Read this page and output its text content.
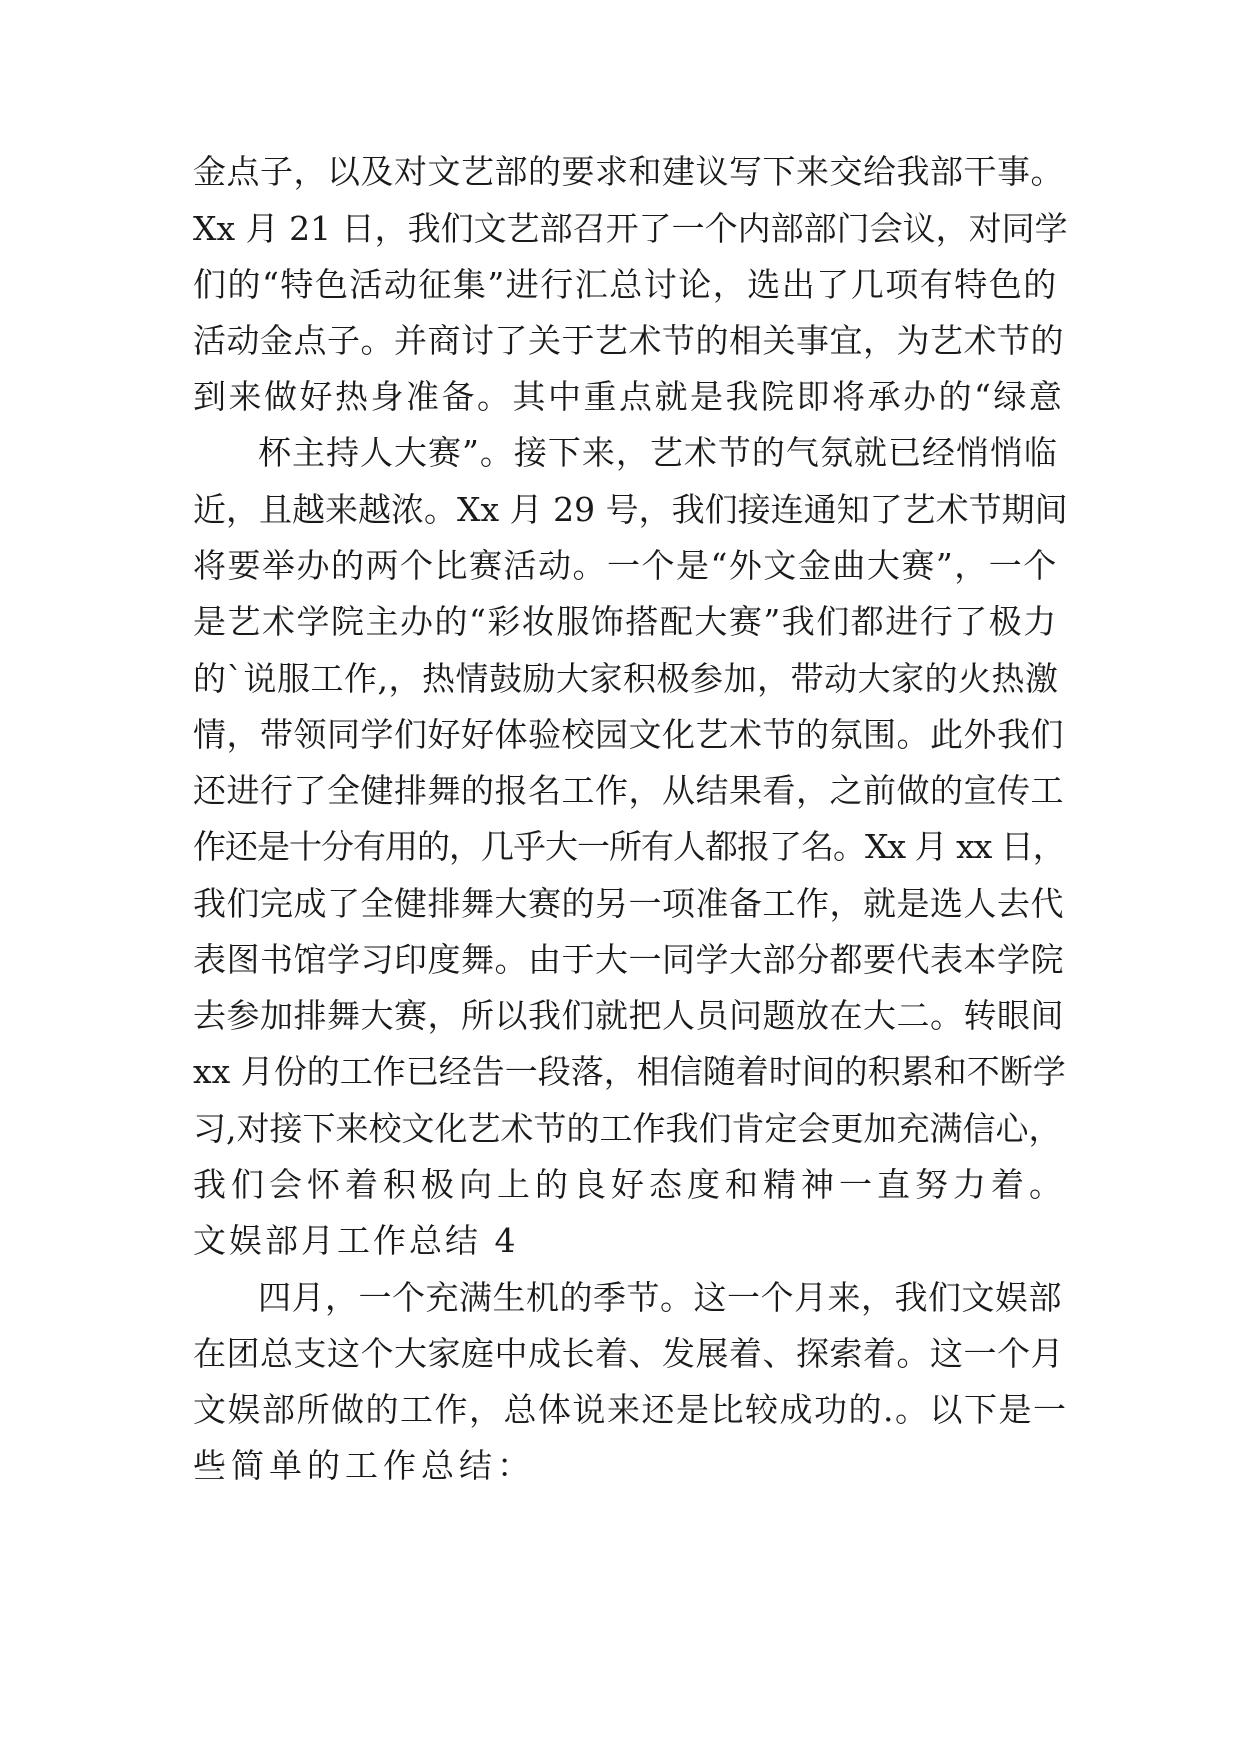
金点子，以及对文艺部的要求和建议写下来交给我部干事。
Xx 月 21 日，我们文艺部召开了一个内部部门会议，对同学
们的“特色活动征集”进行汇总讨论，选出了几项有特色的
活动金点子。并商讨了关于艺术节的相关事宜，为艺术节的
到来做好热身准备。其中重点就是我院即将承办的“绿意
杯主持人大赛”。接下来，艺术节的气氛就已经悄悄临
近，且越来越浓。Xx 月 29 号，我们接连通知了艺术节期间
将要举办的两个比赛活动。一个是“外文金曲大赛”，一个
是艺术学院主办的“彩妆服饰搭配大赛”我们都进行了极力
的`说服工作,，热情鼓励大家积极参加，带动大家的火热激
情，带领同学们好好体验校园文化艺术节的氛围。此外我们
还进行了全健排舞的报名工作，从结果看，之前做的宣传工
作还是十分有用的，几乎大一所有人都报了名。Xx 月 xx 日，
我们完成了全健排舞大赛的另一项准备工作，就是选人去代
表图书馆学习印度舞。由于大一同学大部分都要代表本学院
去参加排舞大赛，所以我们就把人员问题放在大二。转眼间
xx 月份的工作已经告一段落，相信随着时间的积累和不断学
习,对接下来校文化艺术节的工作我们肯定会更加充满信心，
我们会怀着积极向上的良好态度和精神一直努力着。
文娱部月工作总结 4
四月，一个充满生机的季节。这一个月来，我们文娱部
在团总支这个大家庭中成长着、发展着、探索着。这一个月
文娱部所做的工作，总体说来还是比较成功的.。以下是一
些简单的工作总结：
